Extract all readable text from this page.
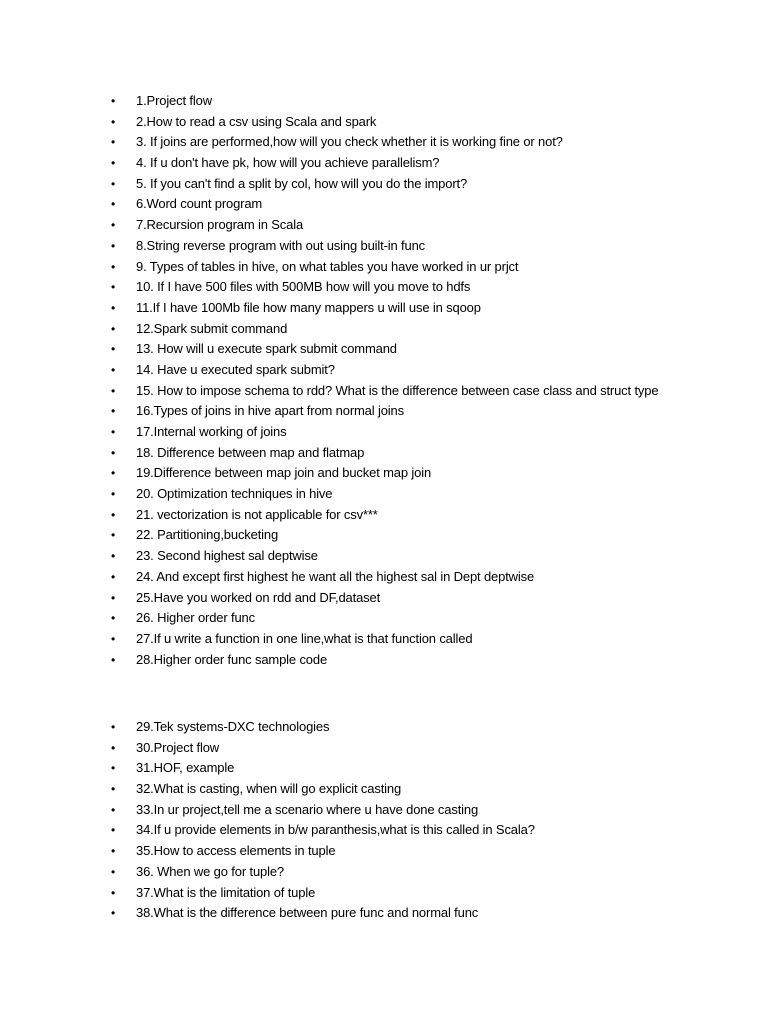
• 1.Project flow
• 2.How to read a csv using Scala and spark
• 3. If joins are performed,how will you check whether it is working fine or not?
• 4. If u don't have pk, how will you achieve parallelism?
• 5. If you can't find a split by col, how will you do the import?
• 6.Word count program
• 7.Recursion program in Scala
• 8.String reverse program with out using built-in func
• 9. Types of tables in hive, on what tables you have worked in ur prjct
• 10. If I have 500 files with 500MB how will you move to hdfs
• 11.If I have 100Mb file how many mappers u will use in sqoop
• 12.Spark submit command
• 13. How will u execute spark submit command
• 14. Have u executed spark submit?
• 15. How to impose schema to rdd? What is the difference between case class and struct type
• 16.Types of joins in hive apart from normal joins
• 17.Internal working of joins
• 18. Difference between map and flatmap
• 19.Difference between map join and bucket map join
• 20. Optimization techniques in hive
• 21. vectorization is not applicable for csv***
• 22. Partitioning,bucketing
• 23. Second highest sal deptwise
• 24. And except first highest he want all the highest sal in Dept deptwise
• 25.Have you worked on rdd and DF,dataset
• 26. Higher order func
• 27.If u write a function in one line,what is that function called
• 28.Higher order func sample code
• 29.Tek systems-DXC technologies
• 30.Project flow
• 31.HOF, example
• 32.What is casting, when will go explicit casting
• 33.In ur project,tell me a scenario where u have done casting
• 34.If u provide elements in b/w paranthesis,what is this called in Scala?
• 35.How to access elements in tuple
• 36. When we go for tuple?
• 37.What is the limitation of tuple
• 38.What is the difference between pure func and normal func
